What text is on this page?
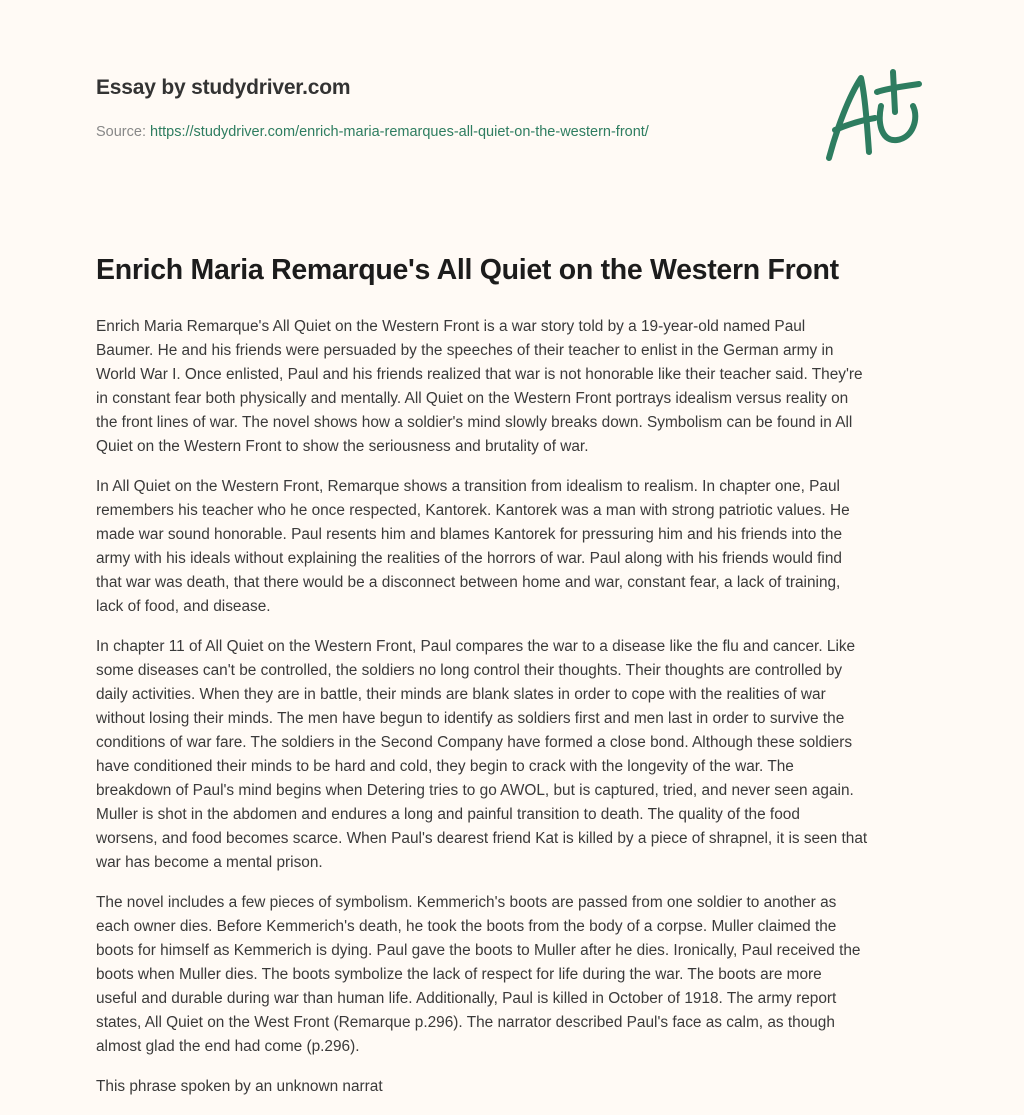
Essay by studydriver.com
Source: https://studydriver.com/enrich-maria-remarques-all-quiet-on-the-western-front/
Enrich Maria Remarque's All Quiet on the Western Front

Enrich Maria Remarque's All Quiet on the Western Front is a war story told by a 19-year-old named Paul
Baumer. He and his friends were persuaded by the speeches of their teacher to enlist in the German army in
World War I. Once enlisted, Paul and his friends realized that war is not honorable like their teacher said. They're
in constant fear both physically and mentally. All Quiet on the Western Front portrays idealism versus reality on
the front lines of war. The novel shows how a soldier's mind slowly breaks down. Symbolism can be found in All
Quiet on the Western Front to show the seriousness and brutality of war.

In All Quiet on the Western Front, Remarque shows a transition from idealism to realism. In chapter one, Paul
remembers his teacher who he once respected, Kantorek. Kantorek was a man with strong patriotic values. He
made war sound honorable. Paul resents him and blames Kantorek for pressuring him and his friends into the
army with his ideals without explaining the realities of the horrors of war. Paul along with his friends would find
that war was death, that there would be a disconnect between home and war, constant fear, a lack of training,
lack of food, and disease.

In chapter 11 of All Quiet on the Western Front, Paul compares the war to a disease like the flu and cancer. Like
some diseases can't be controlled, the soldiers no long control their thoughts. Their thoughts are controlled by
daily activities. When they are in battle, their minds are blank slates in order to cope with the realities of war
without losing their minds. The men have begun to identify as soldiers first and men last in order to survive the
conditions of war fare. The soldiers in the Second Company have formed a close bond. Although these soldiers
have conditioned their minds to be hard and cold, they begin to crack with the longevity of the war. The
breakdown of Paul's mind begins when Detering tries to go AWOL, but is captured, tried, and never seen again.
Muller is shot in the abdomen and endures a long and painful transition to death. The quality of the food
worsens, and food becomes scarce. When Paul's dearest friend Kat is killed by a piece of shrapnel, it is seen that
war has become a mental prison.

The novel includes a few pieces of symbolism. Kemmerich's boots are passed from one soldier to another as
each owner dies. Before Kemmerich's death, he took the boots from the body of a corpse. Muller claimed the
boots for himself as Kemmerich is dying. Paul gave the boots to Muller after he dies. Ironically, Paul received the
boots when Muller dies. The boots symbolize the lack of respect for life during the war. The boots are more
useful and durable during war than human life. Additionally, Paul is killed in October of 1918. The army report
states, All Quiet on the West Front (Remarque p.296). The narrator described Paul's face as calm, as though
almost glad the end had come (p.296).

This phrase spoken by an unknown narrat
